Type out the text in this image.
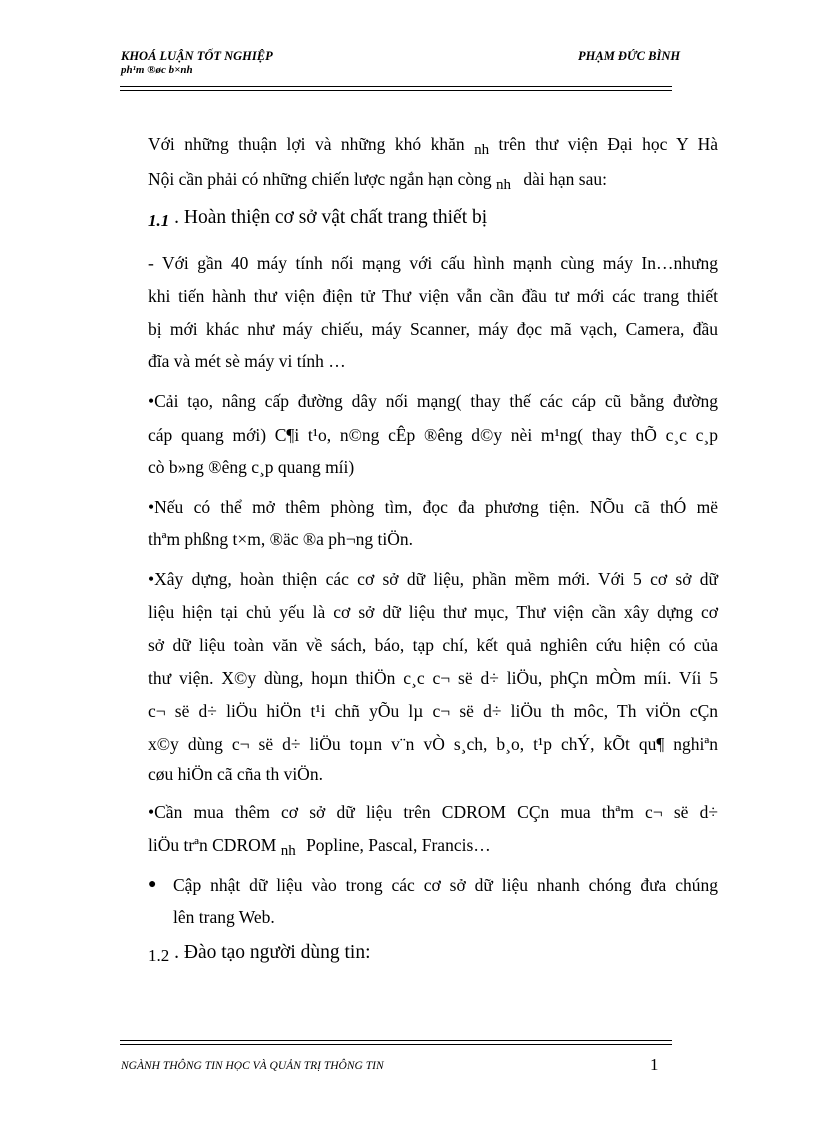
KHOÁ LUẬN TỐT NGHIỆP
ph¹m ®øc b×nh
PHẠM ĐỨC BÌNH
Với những thuận lợi và những khó khăn nh trên thư viện Đại học Y Hà
Nội cần phải có những chiến lược ngắn hạn còng nh dài hạn sau:
1.1 . Hoàn thiện cơ sở vật chất trang thiết bị
- Với gần 40 máy tính nối mạng với cấu hình mạnh cùng máy In…nhưng
khi tiến hành thư viện điện tử Thư viện vẫn cần đầu tư mới các trang thiết
bị mới khác như máy chiếu, máy Scanner, máy đọc mã vạch, Camera, đầu
đĩa và mét sè máy vi tính …
•Cải tạo, nâng cấp đường dây nối mạng( thay thế các cáp cũ bằng đường
cáp quang mới) C¶i t¹o, n©ng cÊp ®êng d©y nèi m¹ng( thay thÕ c¸c c¸p
cò b»ng ®êng c¸p quang míi)
•Nếu có thể mở thêm phòng tìm, đọc đa phương tiện. NÕu cã thÓ më
thªm phßng t×m, ®äc ®a ph¬ng tiÖn.
•Xây dựng, hoàn thiện các cơ sở dữ liệu, phần mềm mới. Với 5 cơ sở dữ
liệu hiện tại chủ yếu là cơ sở dữ liệu thư mục, Thư viện cần xây dựng cơ
sở dữ liệu toàn văn về sách, báo, tạp chí, kết quả nghiên cứu hiện có của
thư viện. X©y dùng, hoµn thiÖn c¸c c¬ së d÷ liÖu, phÇn mÒm míi. Víi 5
c¬ së d÷ liÖu hiÖn t¹i chñ yÕu lµ c¬ së d÷ liÖu th môc, Th viÖn cÇn
x©y dùng c¬ së d÷ liÖu toµn v¨n vÒ s¸ch, b¸o, t¹p chÝ, kÕt qu¶ nghiªn
cøu hiÖn cã cña th viÖn.
•Cần mua thêm cơ sở dữ liệu trên CDROM CÇn mua thªm c¬ së d÷
liÖu trªn CDROM nh Popline, Pascal, Francis…
● Cập nhật dữ liệu vào trong các cơ sở dữ liệu nhanh chóng đưa chúng
lên trang Web.
1.2 . Đào tạo người dùng tin:
NGÀNH THÔNG TIN HỌC VÀ QUẢN TRỊ THÔNG TIN	1
